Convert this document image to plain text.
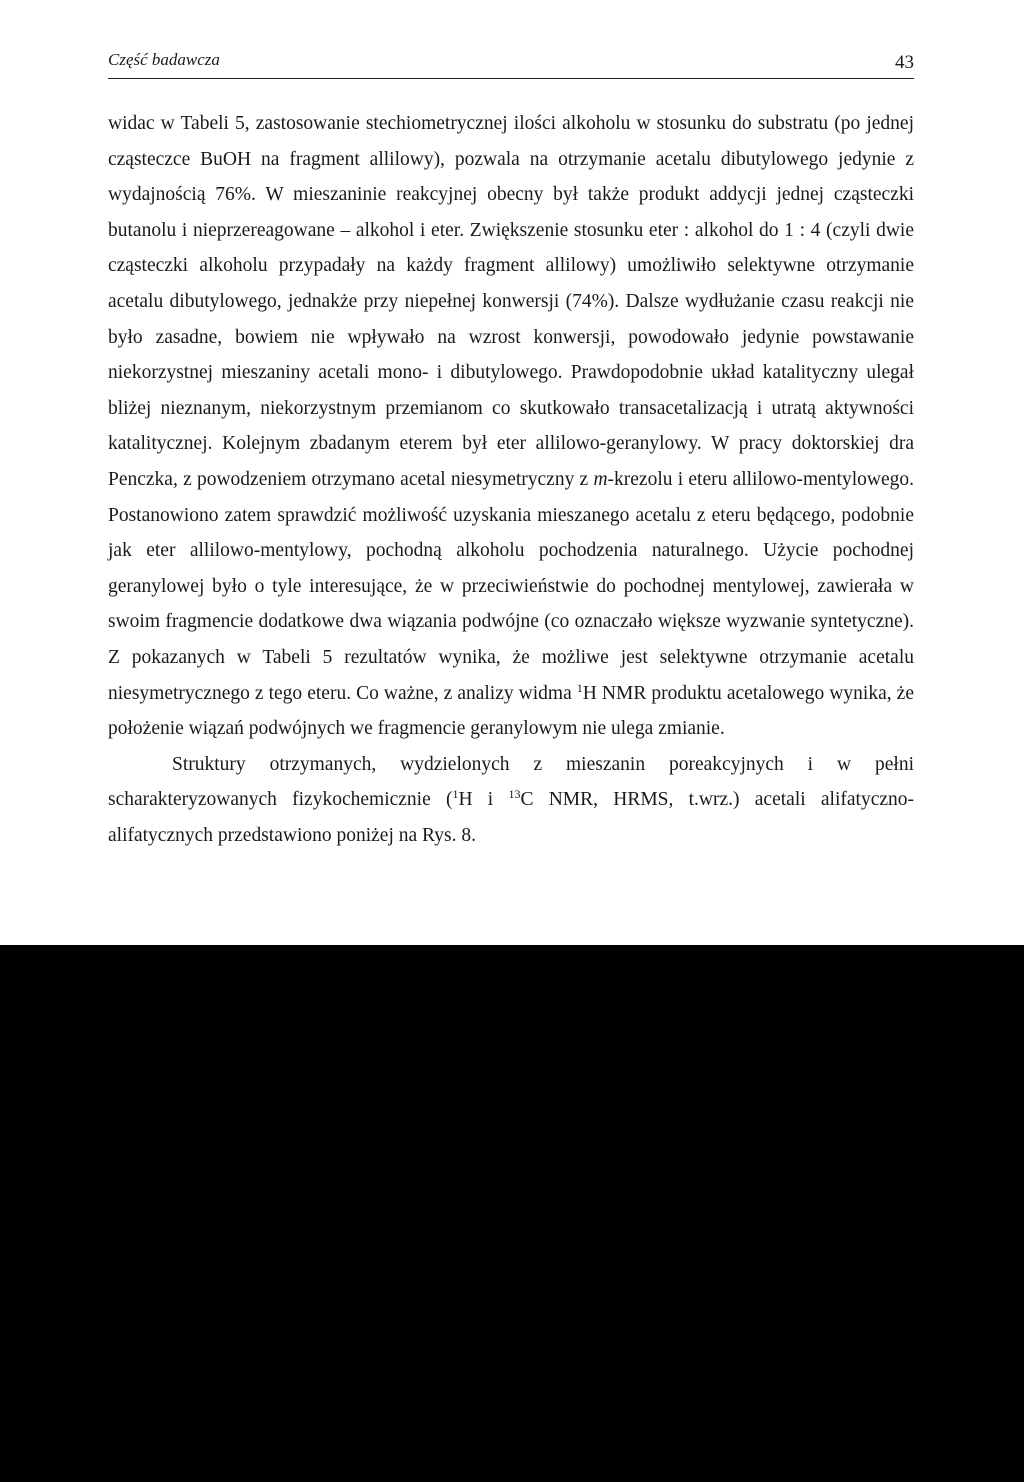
Część badawcza	43

widac w Tabeli 5, zastosowanie stechiometrycznej ilości alkoholu w stosunku do substratu (po jednej cząsteczce BuOH na fragment allilowy), pozwala na otrzymanie acetalu dibutylowego jedynie z wydajnością 76%. W mieszaninie reakcyjnej obecny był także produkt addycji jednej cząsteczki butanolu i nieprzereagowane – alkohol i eter. Zwiększenie stosunku eter : alkohol do 1 : 4 (czyli dwie cząsteczki alkoholu przypadały na każdy fragment allilowy) umożliwiło selektywne otrzymanie acetalu dibutylowego, jednakże przy niepełnej konwersji (74%). Dalsze wydłużanie czasu reakcji nie było zasadne, bowiem nie wpływało na wzrost konwersji, powodowało jedynie powstawanie niekorzystnej mieszaniny acetali mono- i dibutylowego. Prawdopodobnie układ katalityczny ulegał bliżej nieznanym, niekorzystnym przemianom co skutkowało transacetalizacją i utratą aktywności katalitycznej. Kolejnym zbadanym eterem był eter allilowo-geranylowy. W pracy doktorskiej dra Penczka, z powodzeniem otrzymano acetal niesymetryczny z m-krezolu i eteru allilowo-mentylowego. Postanowiono zatem sprawdzić możliwość uzyskania mieszanego acetalu z eteru będącego, podobnie jak eter allilowo-mentylowy, pochodną alkoholu pochodzenia naturalnego. Użycie pochodnej geranylowej było o tyle interesujące, że w przeciwieństwie do pochodnej mentylowej, zawierała w swoim fragmencie dodatkowe dwa wiązania podwójne (co oznaczało większe wyzwanie syntetyczne). Z pokazanych w Tabeli 5 rezultatów wynika, że możliwe jest selektywne otrzymanie acetalu niesymetrycznego z tego eteru. Co ważne, z analizy widma $^1$H NMR produktu acetalowego wynika, że położenie wiązań podwójnych we fragmencie geranylowym nie ulega zmianie.

Struktury otrzymanych, wydzielonych z mieszanin poreakcyjnych i w pełni scharakteryzowanych fizykochemicznie ($^1$H i $^{13}$C NMR, HRMS, t.wrz.) acetali alifatyczno-alifatycznych przedstawiono poniżej na Rys. 8.
